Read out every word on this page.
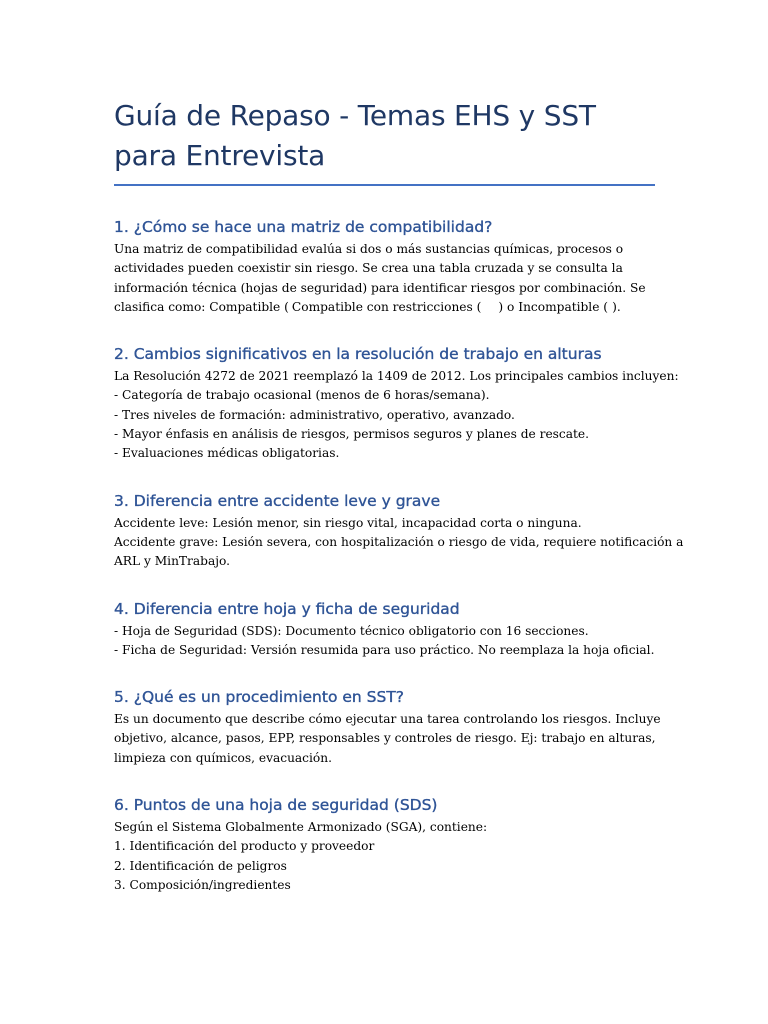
Guía de Repaso - Temas EHS y SST para Entrevista
1. ¿Cómo se hace una matriz de compatibilidad?
Una matriz de compatibilidad evalúa si dos o más sustancias químicas, procesos o
actividades pueden coexistir sin riesgo. Se crea una tabla cruzada y se consulta la
información técnica (hojas de seguridad) para identificar riesgos por combinación. Se
clasifica como: Compatible ( Compatible con restricciones ( ) o Incompatible ( ).
2. Cambios significativos en la resolución de trabajo en alturas
La Resolución 4272 de 2021 reemplazó la 1409 de 2012. Los principales cambios incluyen:
- Categoría de trabajo ocasional (menos de 6 horas/semana).
- Tres niveles de formación: administrativo, operativo, avanzado.
- Mayor énfasis en análisis de riesgos, permisos seguros y planes de rescate.
- Evaluaciones médicas obligatorias.
3. Diferencia entre accidente leve y grave
Accidente leve: Lesión menor, sin riesgo vital, incapacidad corta o ninguna.
Accidente grave: Lesión severa, con hospitalización o riesgo de vida, requiere notificación a
ARL y MinTrabajo.
4. Diferencia entre hoja y ficha de seguridad
- Hoja de Seguridad (SDS): Documento técnico obligatorio con 16 secciones.
- Ficha de Seguridad: Versión resumida para uso práctico. No reemplaza la hoja oficial.
5. ¿Qué es un procedimiento en SST?
Es un documento que describe cómo ejecutar una tarea controlando los riesgos. Incluye
objetivo, alcance, pasos, EPP, responsables y controles de riesgo. Ej: trabajo en alturas,
limpieza con químicos, evacuación.
6. Puntos de una hoja de seguridad (SDS)
Según el Sistema Globalmente Armonizado (SGA), contiene:
1. Identificación del producto y proveedor
2. Identificación de peligros
3. Composición/ingredientes
